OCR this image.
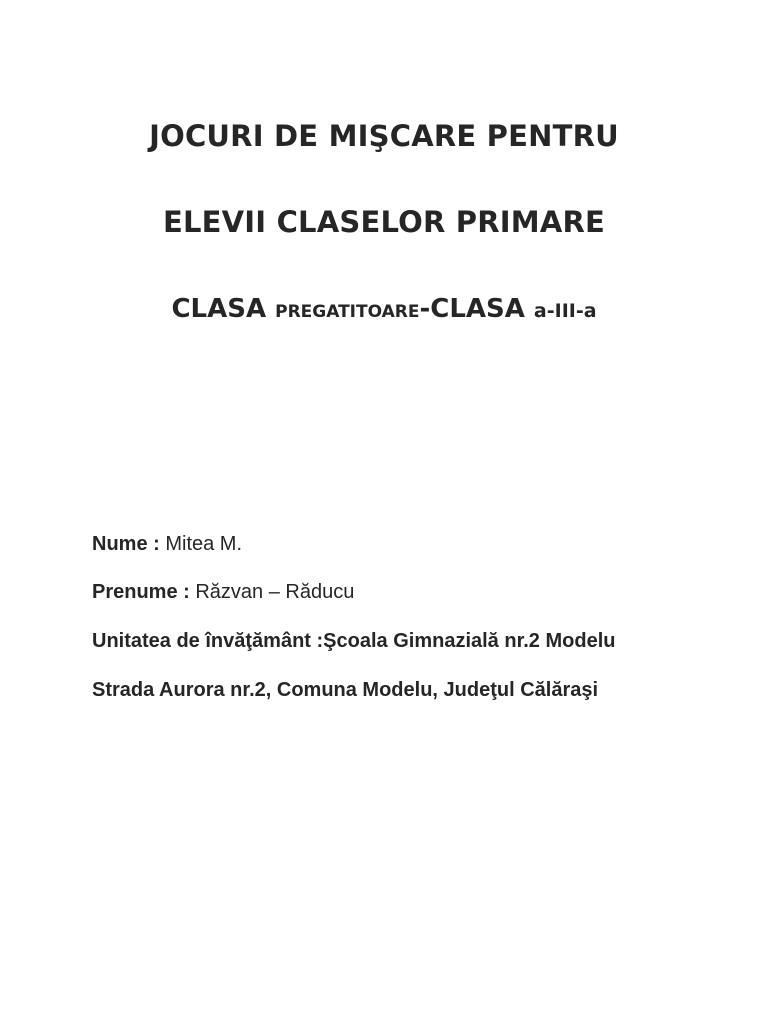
JOCURI DE MIŞCARE PENTRU
ELEVII CLASELOR PRIMARE
CLASA PREGATITOARE-CLASA a-III-a
Nume : Mitea M.
Prenume : Răzvan – Răducu
Unitatea de învăţământ :Şcoala Gimnazială nr.2 Modelu
Strada Aurora nr.2, Comuna Modelu, Judeţul Călăraşi
